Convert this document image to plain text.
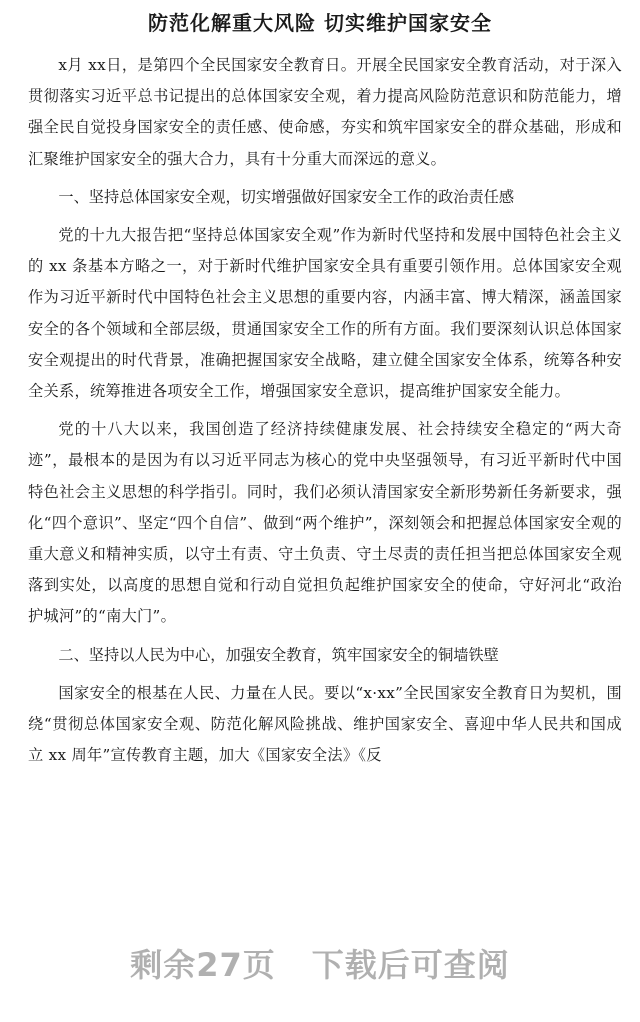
防范化解重大风险 切实维护国家安全

x月 xx日，是第四个全民国家安全教育日。开展全民国家安全教育活动，对于深入贯彻落实习近平总书记提出的总体国家安全观，着力提高风险防范意识和防范能力，增强全民自觉投身国家安全的责任感、使命感，夯实和筑牢国家安全的群众基础，形成和汇聚维护国家安全的强大合力，具有十分重大而深远的意义。

一、坚持总体国家安全观，切实增强做好国家安全工作的政治责任感

党的十九大报告把“坚持总体国家安全观”作为新时代坚持和发展中国特色社会主义的 xx 条基本方略之一，对于新时代维护国家安全具有重要引领作用。总体国家安全观作为习近平新时代中国特色社会主义思想的重要内容，内涵丰富、博大精深，涵盖国家安全的各个领域和全部层级，贯通国家安全工作的所有方面。我们要深刻认识总体国家安全观提出的时代背景，准确把握国家安全战略，建立健全国家安全体系，统筹各种安全关系，统筹推进各项安全工作，增强国家安全意识，提高维护国家安全能力。

党的十八大以来，我国创造了经济持续健康发展、社会持续安全稳定的“两大奇迹”，最根本的是因为有以习近平同志为核心的党中央坚强领导，有习近平新时代中国特色社会主义思想的科学指引。同时，我们必须认清国家安全新形势新任务新要求，强化“四个意识”、坚定“四个自信”、做到“两个维护”，深刻领会和把握总体国家安全观的重大意义和精神实质，以守土有责、守土负责、守土尽责的责任担当把总体国家安全观落到实处，以高度的思想自觉和行动自觉担负起维护国家安全的使命，守好河北“政治护城河”的“南大门”。

二、坚持以人民为中心，加强安全教育，筑牢国家安全的铜墙铁壁

国家安全的根基在人民、力量在人民。要以“x·xx”全民国家安全教育日为契机，围绕“贯彻总体国家安全观、防范化解风险挑战、维护国家安全、喜迎中华人民共和国成立 xx 周年”宣传教育主题，加大《国家安全法》《反

剩余27页 下载后可查阅
